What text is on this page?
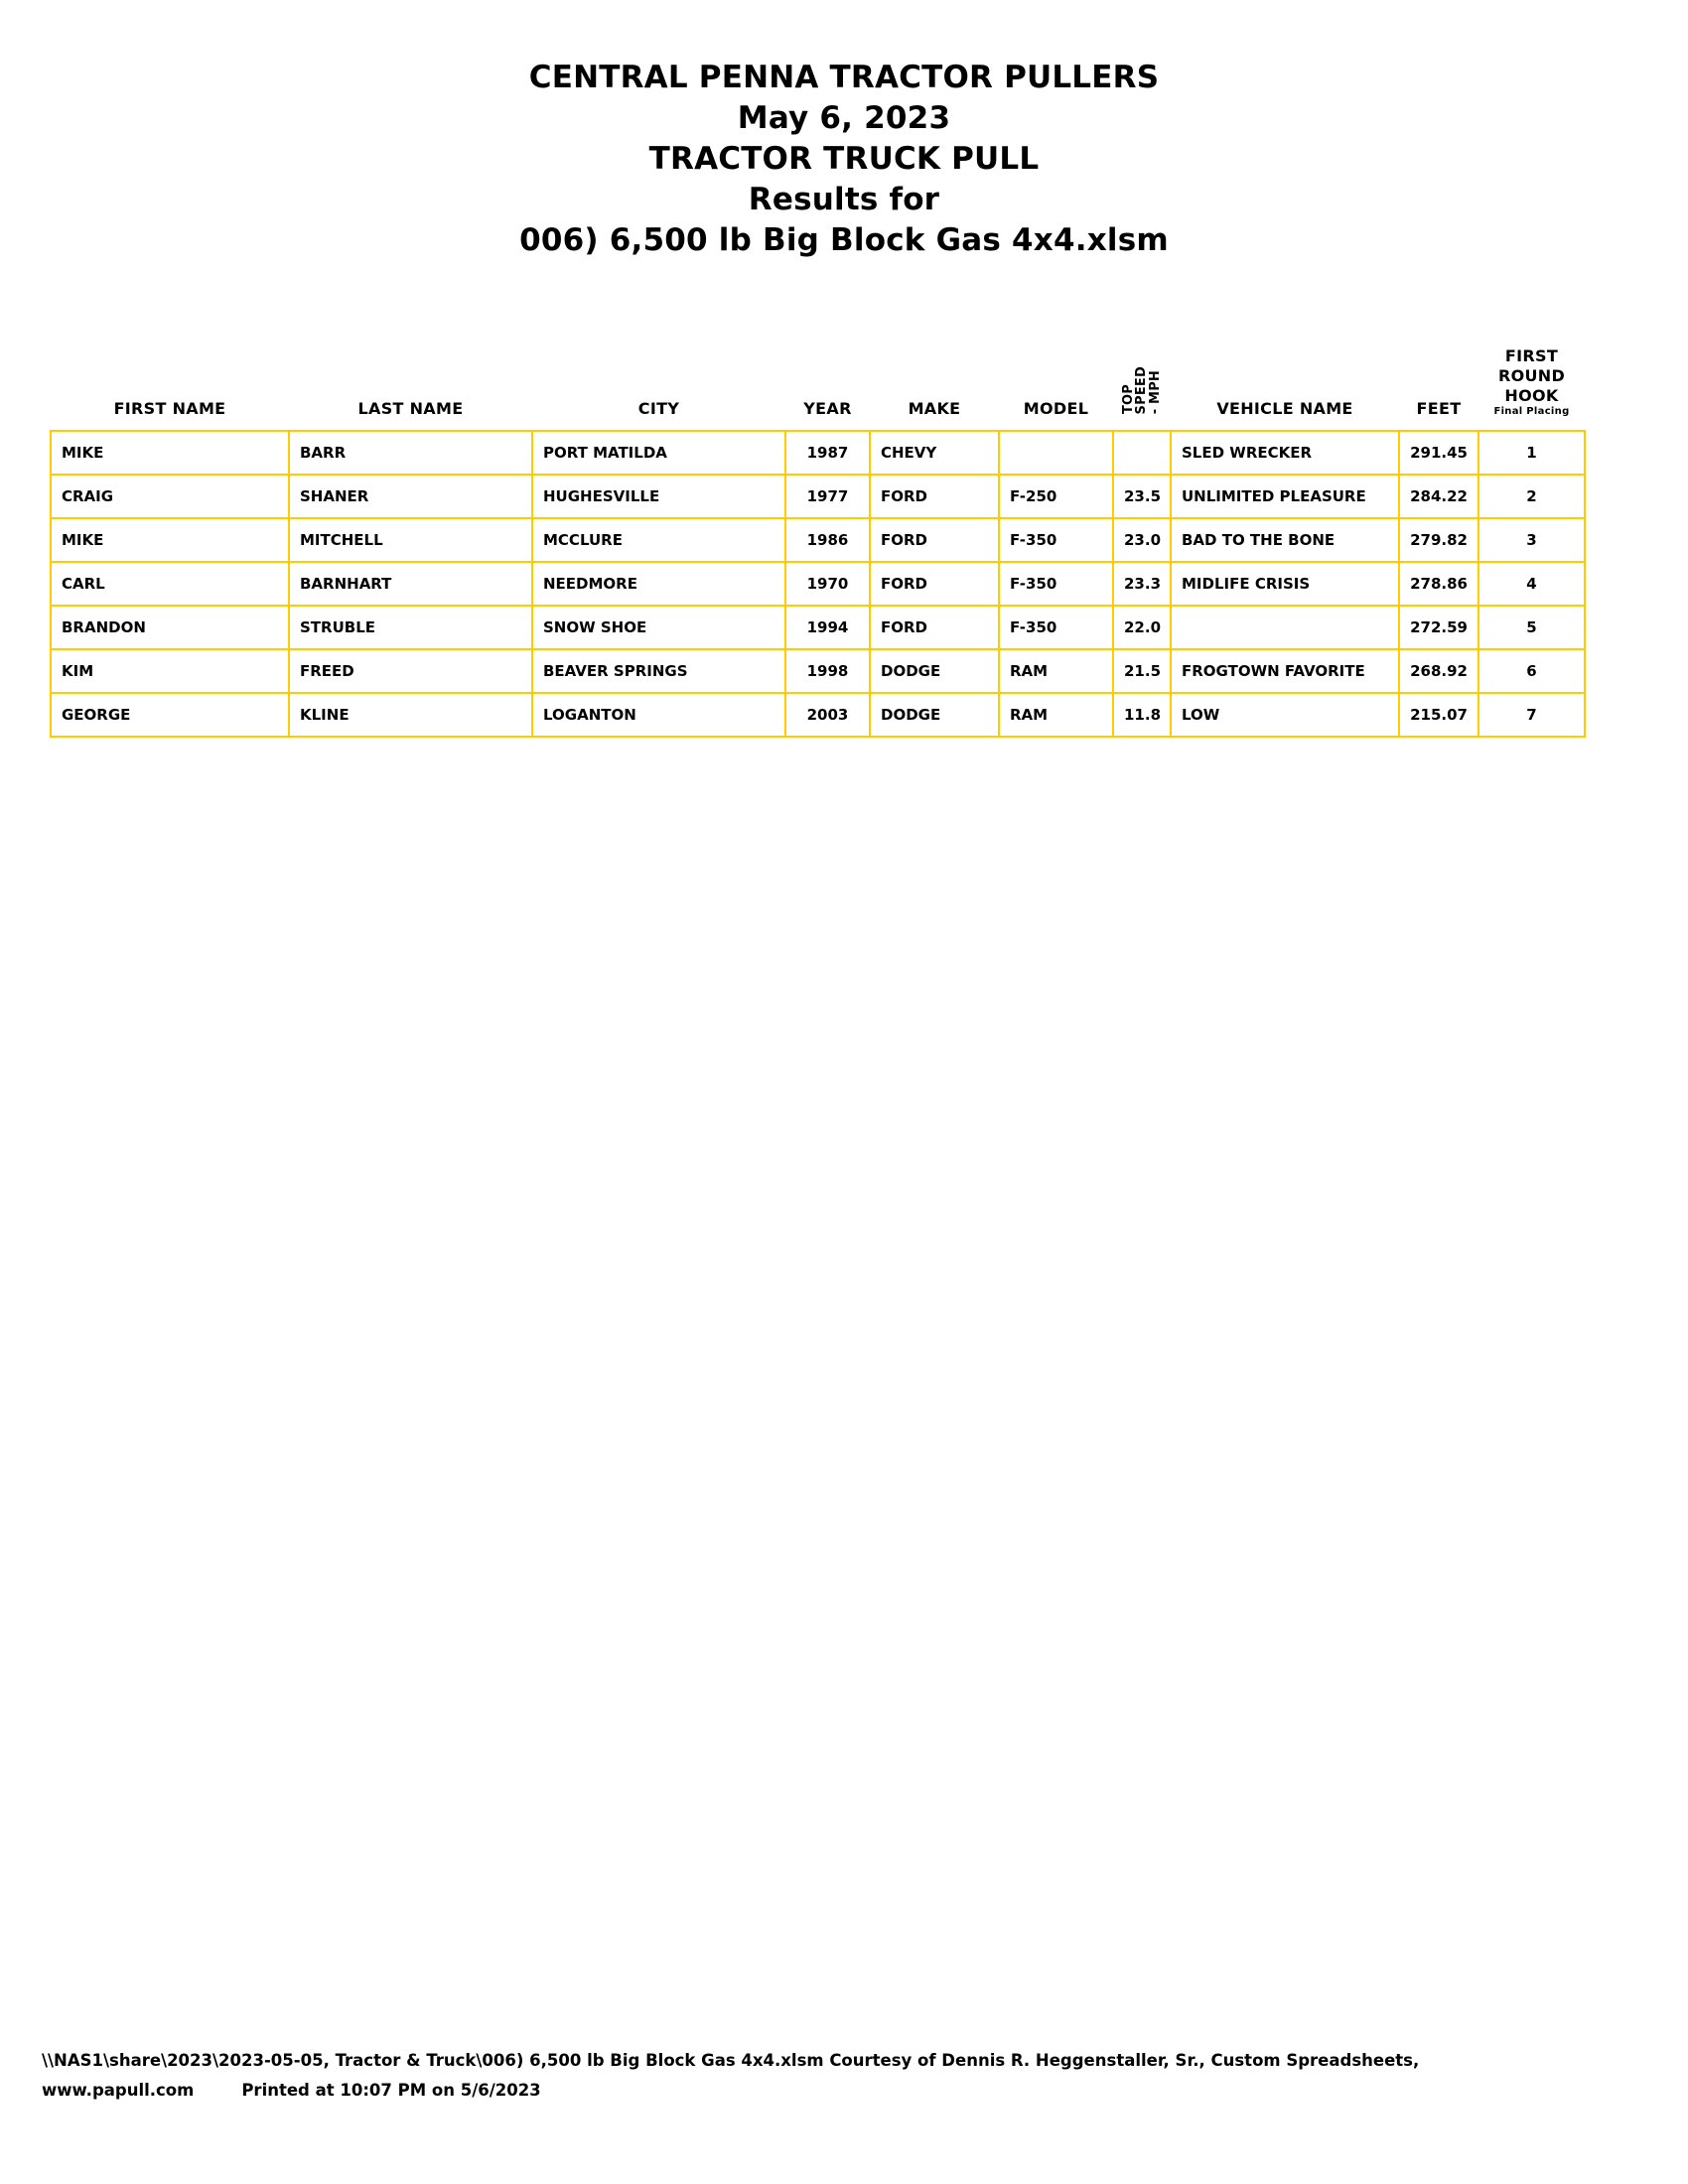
CENTRAL PENNA TRACTOR PULLERS
May 6, 2023
TRACTOR TRUCK PULL
Results for
006) 6,500 lb Big Block Gas 4x4.xlsm
FIRST NAME	LAST NAME	CITY	YEAR	MAKE	MODEL	TOPSPEED- MPH	VEHICLE NAME	FEET	FIRST ROUND HOOK
Final Placing

MIKE	BARR	PORT MATILDA	1987	CHEVY			SLED WRECKER	291.45	1
CRAIG	SHANER	HUGHESVILLE	1977	FORD	F-250	23.5	UNLIMITED PLEASURE	284.22	2
MIKE	MITCHELL	MCCLURE	1986	FORD	F-350	23.0	BAD TO THE BONE	279.82	3
CARL	BARNHART	NEEDMORE	1970	FORD	F-350	23.3	MIDLIFE CRISIS	278.86	4
BRANDON	STRUBLE	SNOW SHOE	1994	FORD	F-350	22.0		272.59	5
KIM	FREED	BEAVER SPRINGS	1998	DODGE	RAM	21.5	FROGTOWN FAVORITE	268.92	6
GEORGE	KLINE	LOGANTON	2003	DODGE	RAM	11.8	LOW	215.07	7
\\NAS1\share\2023\2023-05-05, Tractor & Truck\006) 6,500 lb Big Block Gas 4x4.xlsm Courtesy of Dennis R. Heggenstaller, Sr., Custom Spreadsheets,
www.papull.com	Printed at 10:07 PM on 5/6/2023
